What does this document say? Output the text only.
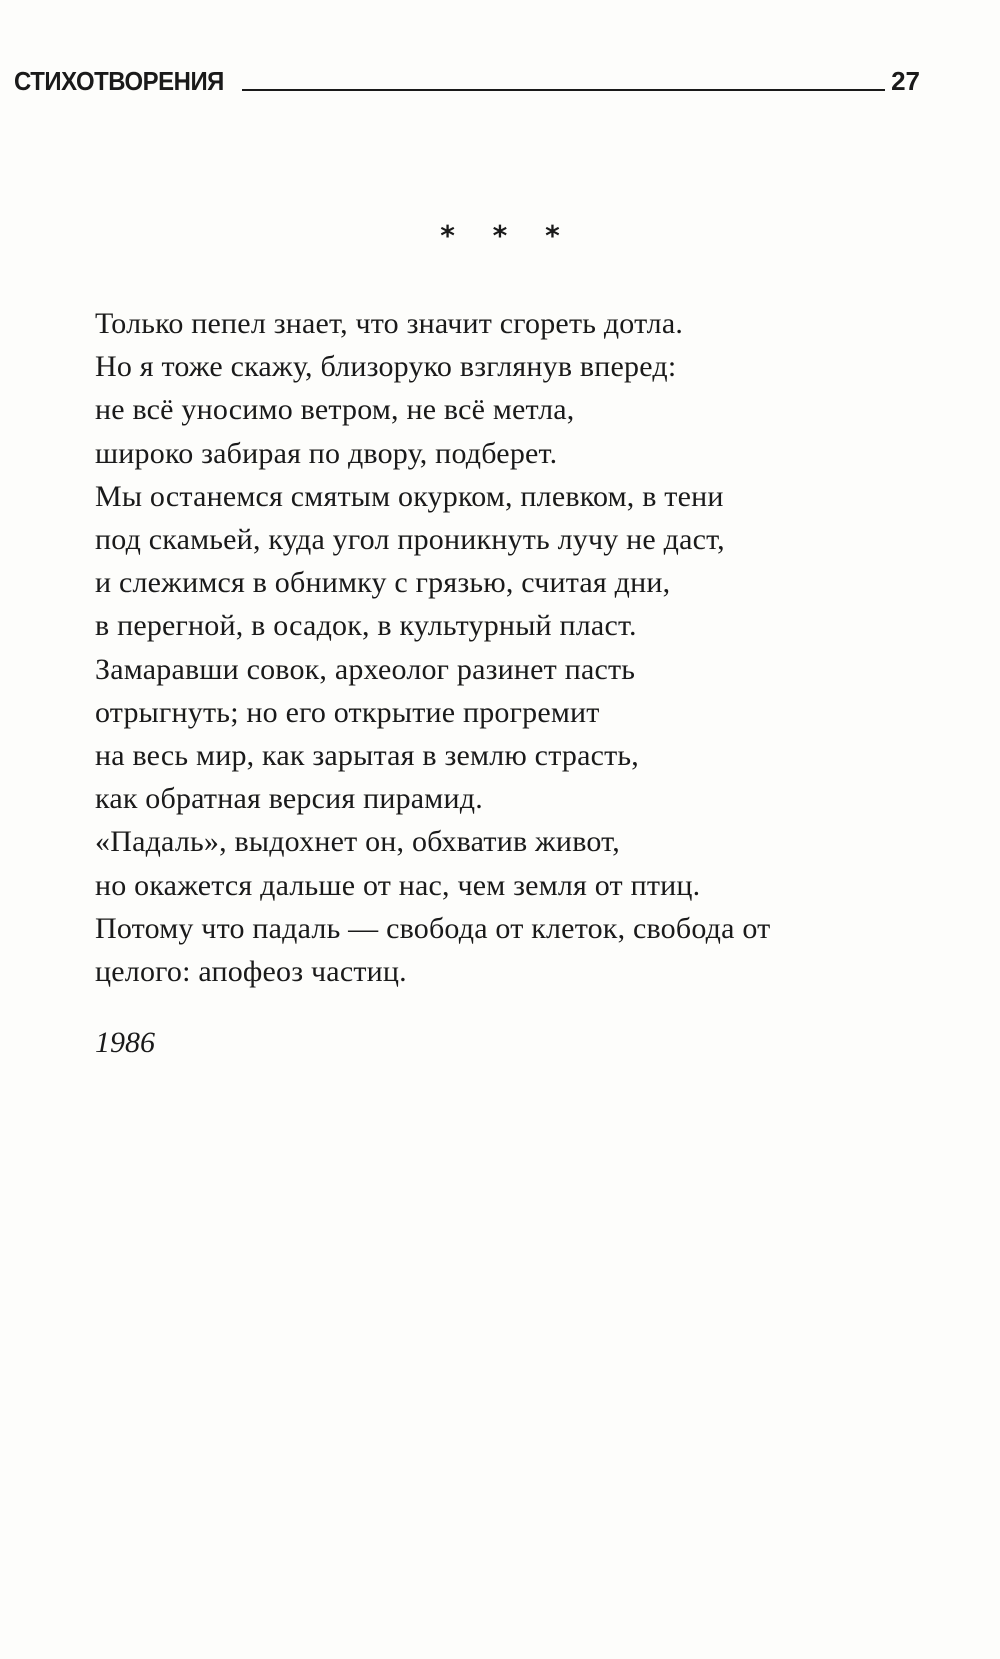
СТИХОТВОРЕНИЯ	27
* * *
Только пепел знает, что значит сгореть дотла.
Но я тоже скажу, близоруко взглянув вперед:
не всё уносимо ветром, не всё метла,
широко забирая по двору, подберет.
Мы останемся смятым окурком, плевком, в тени
под скамьей, куда угол проникнуть лучу не даст,
и слежимся в обнимку с грязью, считая дни,
в перегной, в осадок, в культурный пласт.
Замаравши совок, археолог разинет пасть
отрыгнуть; но его открытие прогремит
на весь мир, как зарытая в землю страсть,
как обратная версия пирамид.
«Падаль», выдохнет он, обхватив живот,
но окажется дальше от нас, чем земля от птиц.
Потому что падаль — свобода от клеток, свобода от
целого: апофеоз частиц.
1986
